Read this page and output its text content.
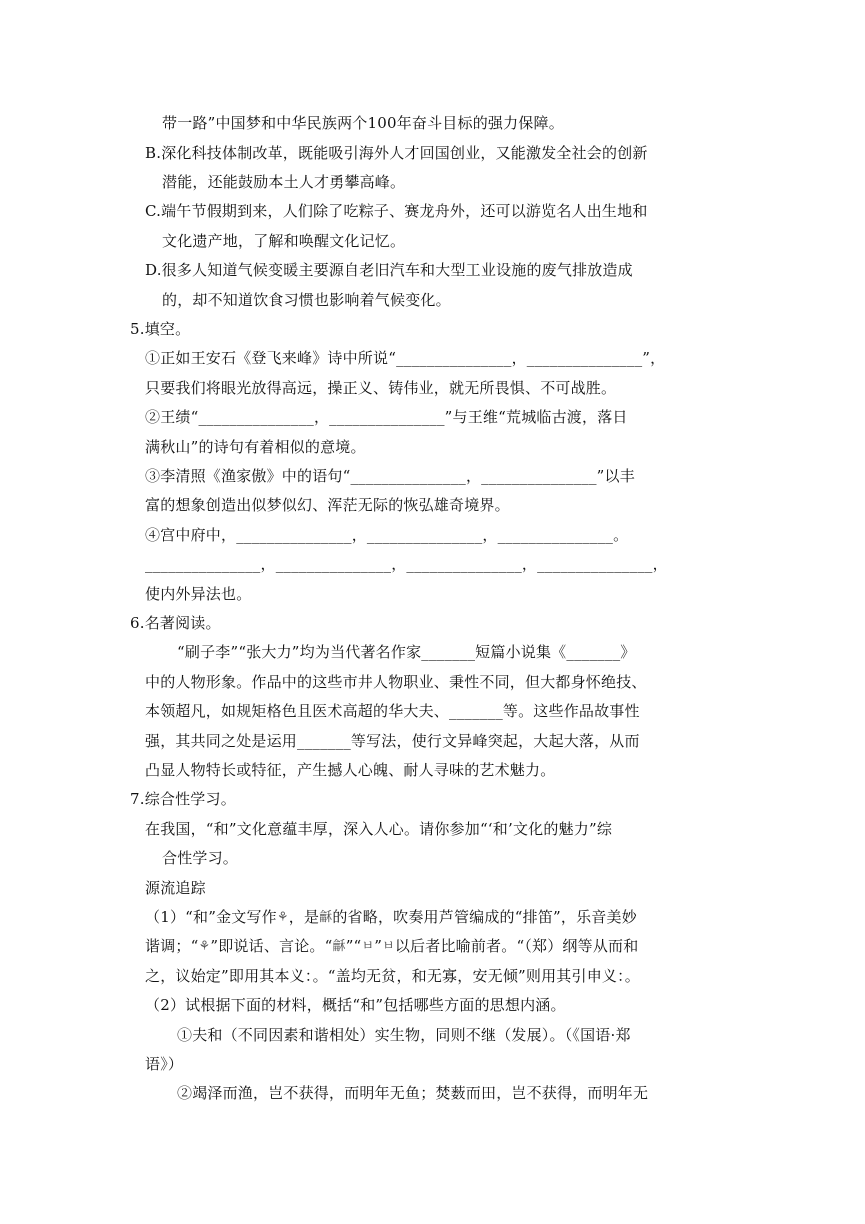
带一路”中国梦和中华民族两个100年奋斗目标的强力保障。
B.深化科技体制改革，既能吸引海外人才回国创业，又能激发全社会的创新
潜能，还能鼓励本土人才勇攀高峰。
C.端午节假期到来，人们除了吃粽子、赛龙舟外，还可以游览名人出生地和
文化遗产地，了解和唤醒文化记忆。
D.很多人知道气候变暖主要源自老旧汽车和大型工业设施的废气排放造成
的，却不知道饮食习惯也影响着气候变化。
5.填空。
①正如王安石《登飞来峰》诗中所说“_______________，_______________”，
只要我们将眼光放得高远，操正义、铸伟业，就无所畏惧、不可战胜。
②王绩“_______________，_______________”与王维“荒城临古渡，落日
满秋山”的诗句有着相似的意境。
③李清照《渔家傲》中的语句“_______________，_______________”以丰
富的想象创造出似梦似幻、浑茫无际的恢弘雄奇境界。
④宫中府中，_______________，_______________，_______________。
_______________，_______________，_______________，_______________，
使内外异法也。
6.名著阅读。
“刷子李”“张大力”均为当代著名作家_______短篇小说集《_______》
中的人物形象。作品中的这些市井人物职业、秉性不同，但大都身怀绝技、
本领超凡，如规矩格色且医术高超的华大夫、_______等。这些作品故事性
强，其共同之处是运用_______等写法，使行文异峰突起，大起大落，从而
凸显人物特长或特征，产生撼人心魄、耐人寻味的艺术魅力。
7.综合性学习。
在我国，“和”文化意蕴丰厚，深入人心。请你参加“‘和’文化的魅力”综
合性学习。
源流追踪
（1）“和”金文写作⚘，是龢的省略，吹奏用芦管编成的“排笛”，乐音美妙
谐调；“⚘”即说话、言论。“龢”“ㅂ”ㅂ以后者比喻前者。“（郑）纲等从而和
之，议始定”即用其本义：。“盖均无贫，和无寡，安无倾”则用其引申义：。
（2）试根据下面的材料，概括“和”包括哪些方面的思想内涵。
①夫和（不同因素和谐相处）实生物，同则不继（发展）。（《国语·郑
语》）
②竭泽而渔，岂不获得，而明年无鱼；焚薮而田，岂不获得，而明年无
